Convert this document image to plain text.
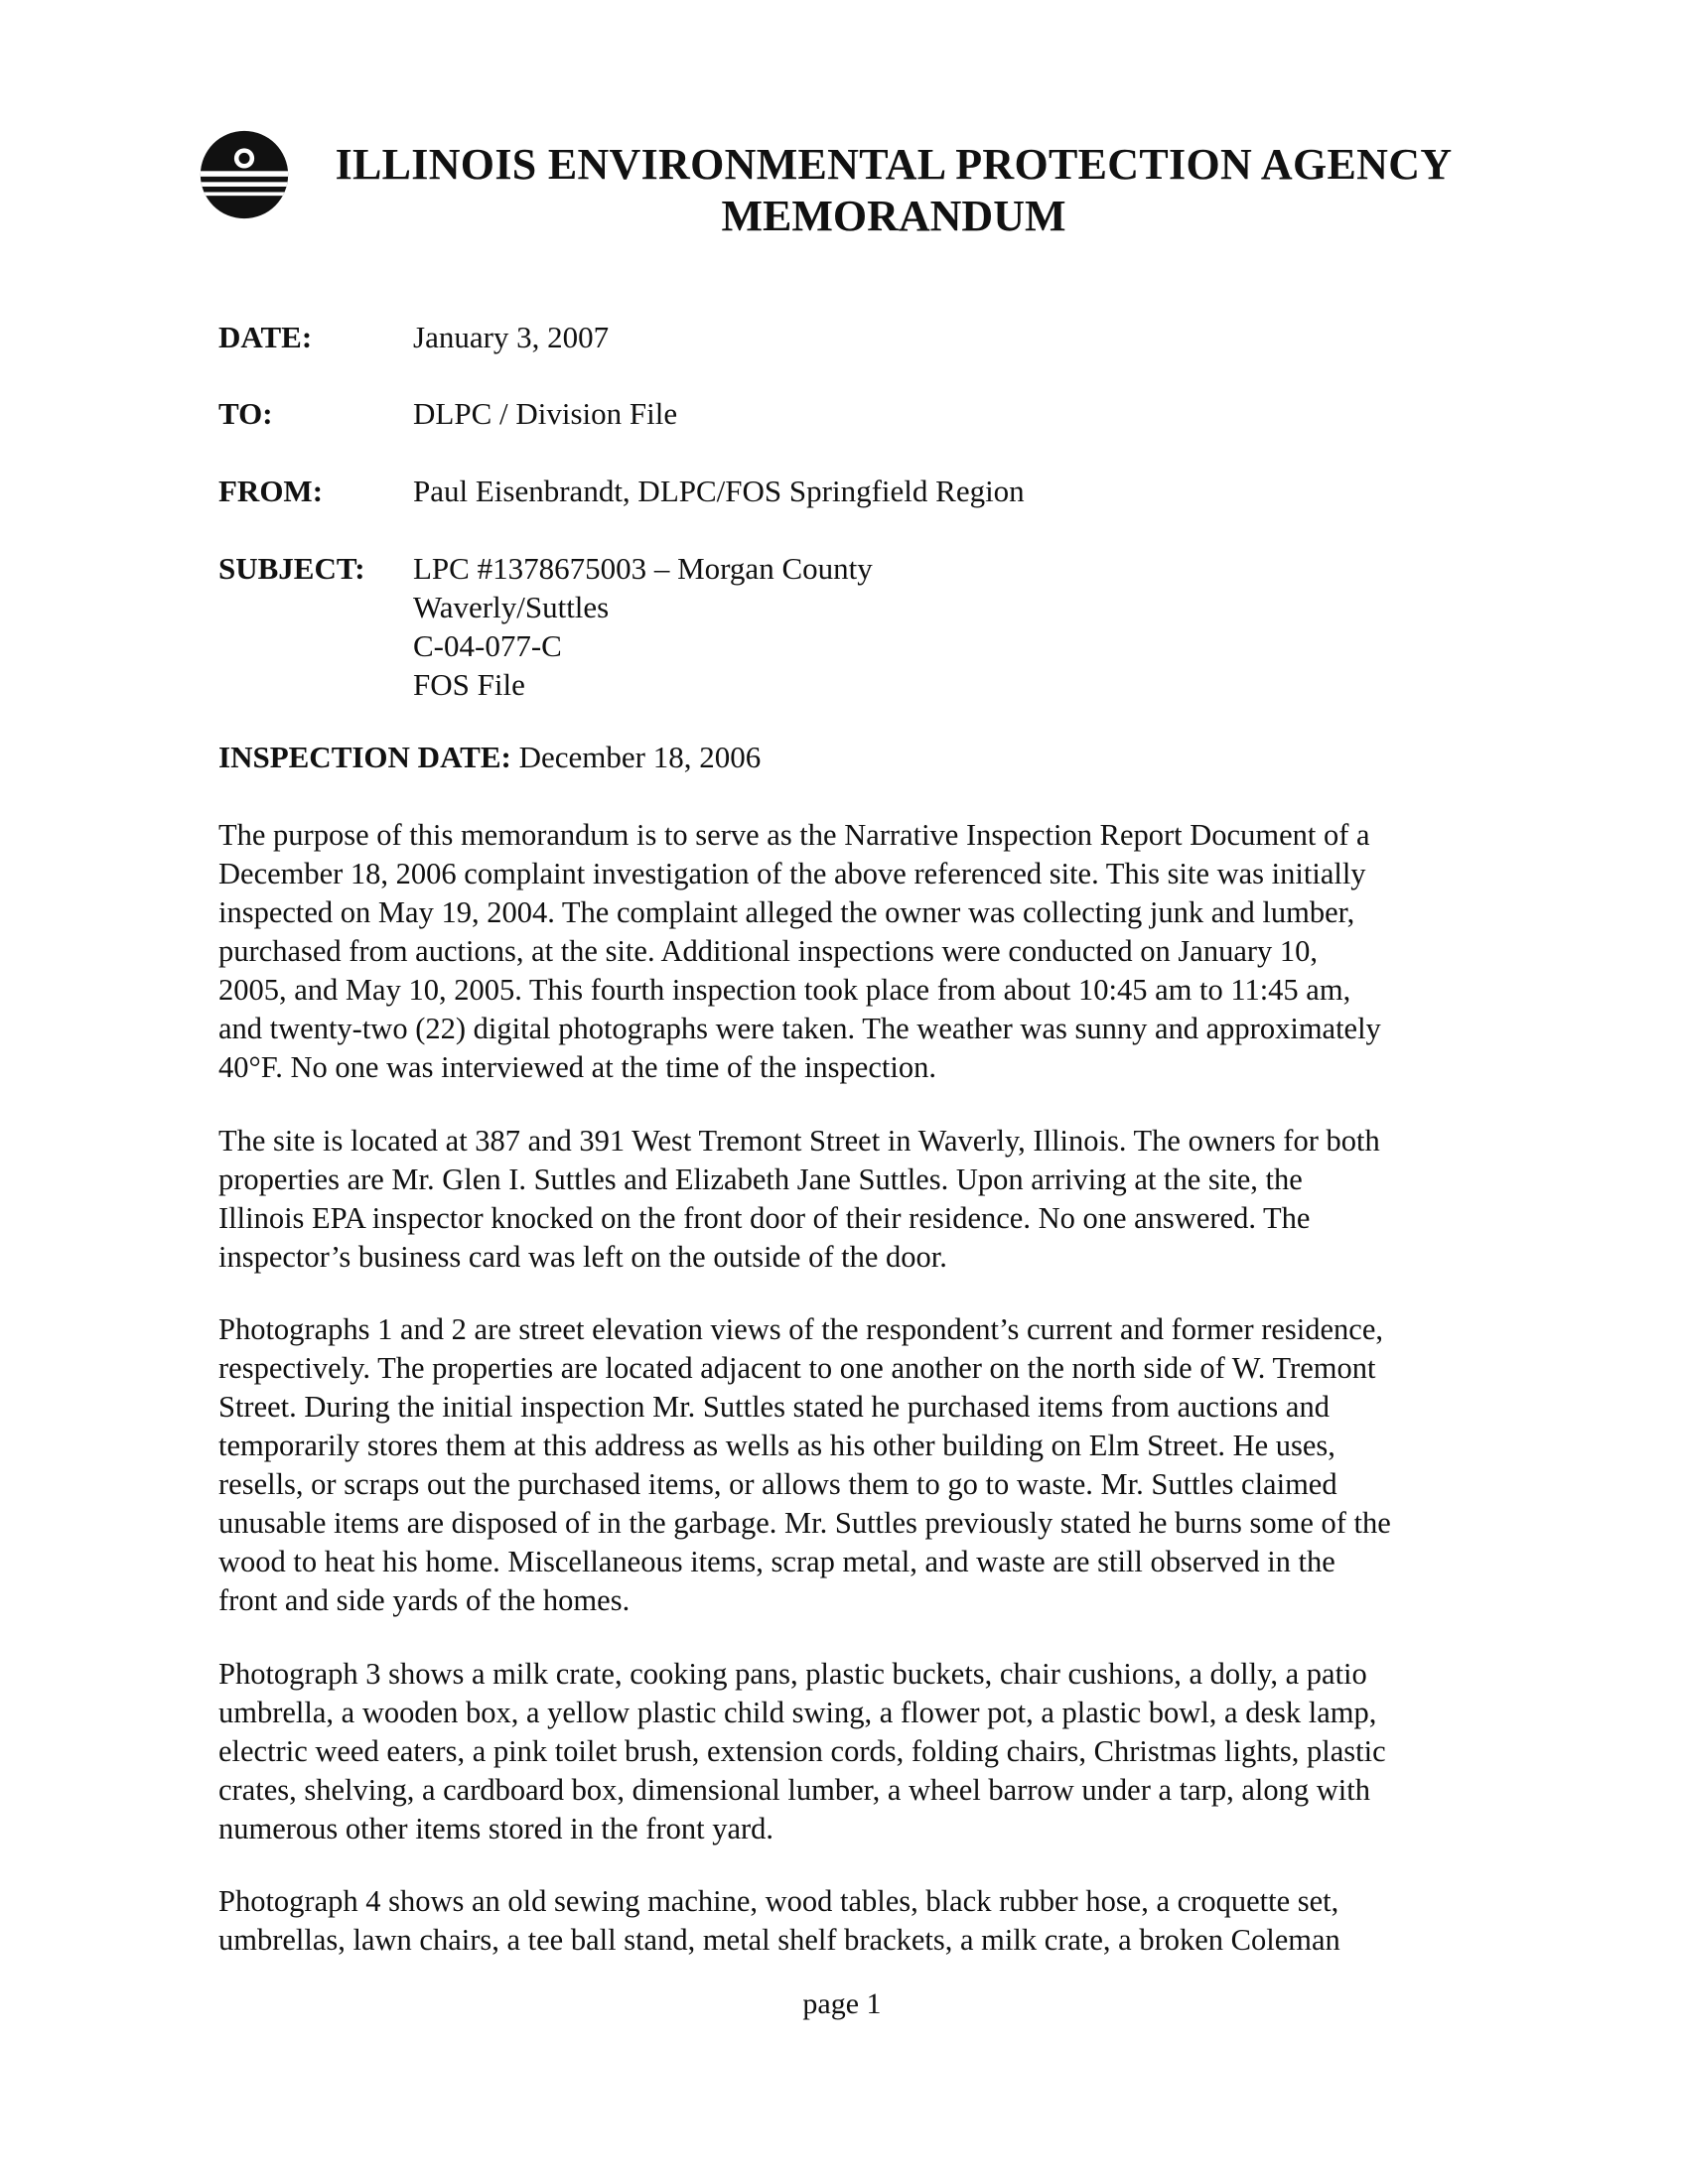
ILLINOIS ENVIRONMENTAL PROTECTION AGENCY
MEMORANDUM
DATE:	January 3, 2007
TO:	DLPC / Division File
FROM:	Paul Eisenbrandt, DLPC/FOS Springfield Region
SUBJECT:	LPC #1378675003 – Morgan County
Waverly/Suttles
C-04-077-C
FOS File
INSPECTION DATE: December 18, 2006

The purpose of this memorandum is to serve as the Narrative Inspection Report Document of a

December 18, 2006 complaint investigation of the above referenced site. This site was initially

inspected on May 19, 2004. The complaint alleged the owner was collecting junk and lumber,

purchased from auctions, at the site. Additional inspections were conducted on January 10,

2005, and May 10, 2005. This fourth inspection took place from about 10:45 am to 11:45 am,

and twenty-two (22) digital photographs were taken. The weather was sunny and approximately

40°F. No one was interviewed at the time of the inspection.

The site is located at 387 and 391 West Tremont Street in Waverly, Illinois. The owners for both

properties are Mr. Glen I. Suttles and Elizabeth Jane Suttles. Upon arriving at the site, the

Illinois EPA inspector knocked on the front door of their residence. No one answered. The

inspector’s business card was left on the outside of the door.

Photographs 1 and 2 are street elevation views of the respondent’s current and former residence,

respectively. The properties are located adjacent to one another on the north side of W. Tremont

Street. During the initial inspection Mr. Suttles stated he purchased items from auctions and

temporarily stores them at this address as wells as his other building on Elm Street. He uses,

resells, or scraps out the purchased items, or allows them to go to waste. Mr. Suttles claimed

unusable items are disposed of in the garbage. Mr. Suttles previously stated he burns some of the

wood to heat his home. Miscellaneous items, scrap metal, and waste are still observed in the

front and side yards of the homes.

Photograph 3 shows a milk crate, cooking pans, plastic buckets, chair cushions, a dolly, a patio

umbrella, a wooden box, a yellow plastic child swing, a flower pot, a plastic bowl, a desk lamp,

electric weed eaters, a pink toilet brush, extension cords, folding chairs, Christmas lights, plastic

crates, shelving, a cardboard box, dimensional lumber, a wheel barrow under a tarp, along with

numerous other items stored in the front yard.

Photograph 4 shows an old sewing machine, wood tables, black rubber hose, a croquette set,

umbrellas, lawn chairs, a tee ball stand, metal shelf brackets, a milk crate, a broken Coleman

page 1
